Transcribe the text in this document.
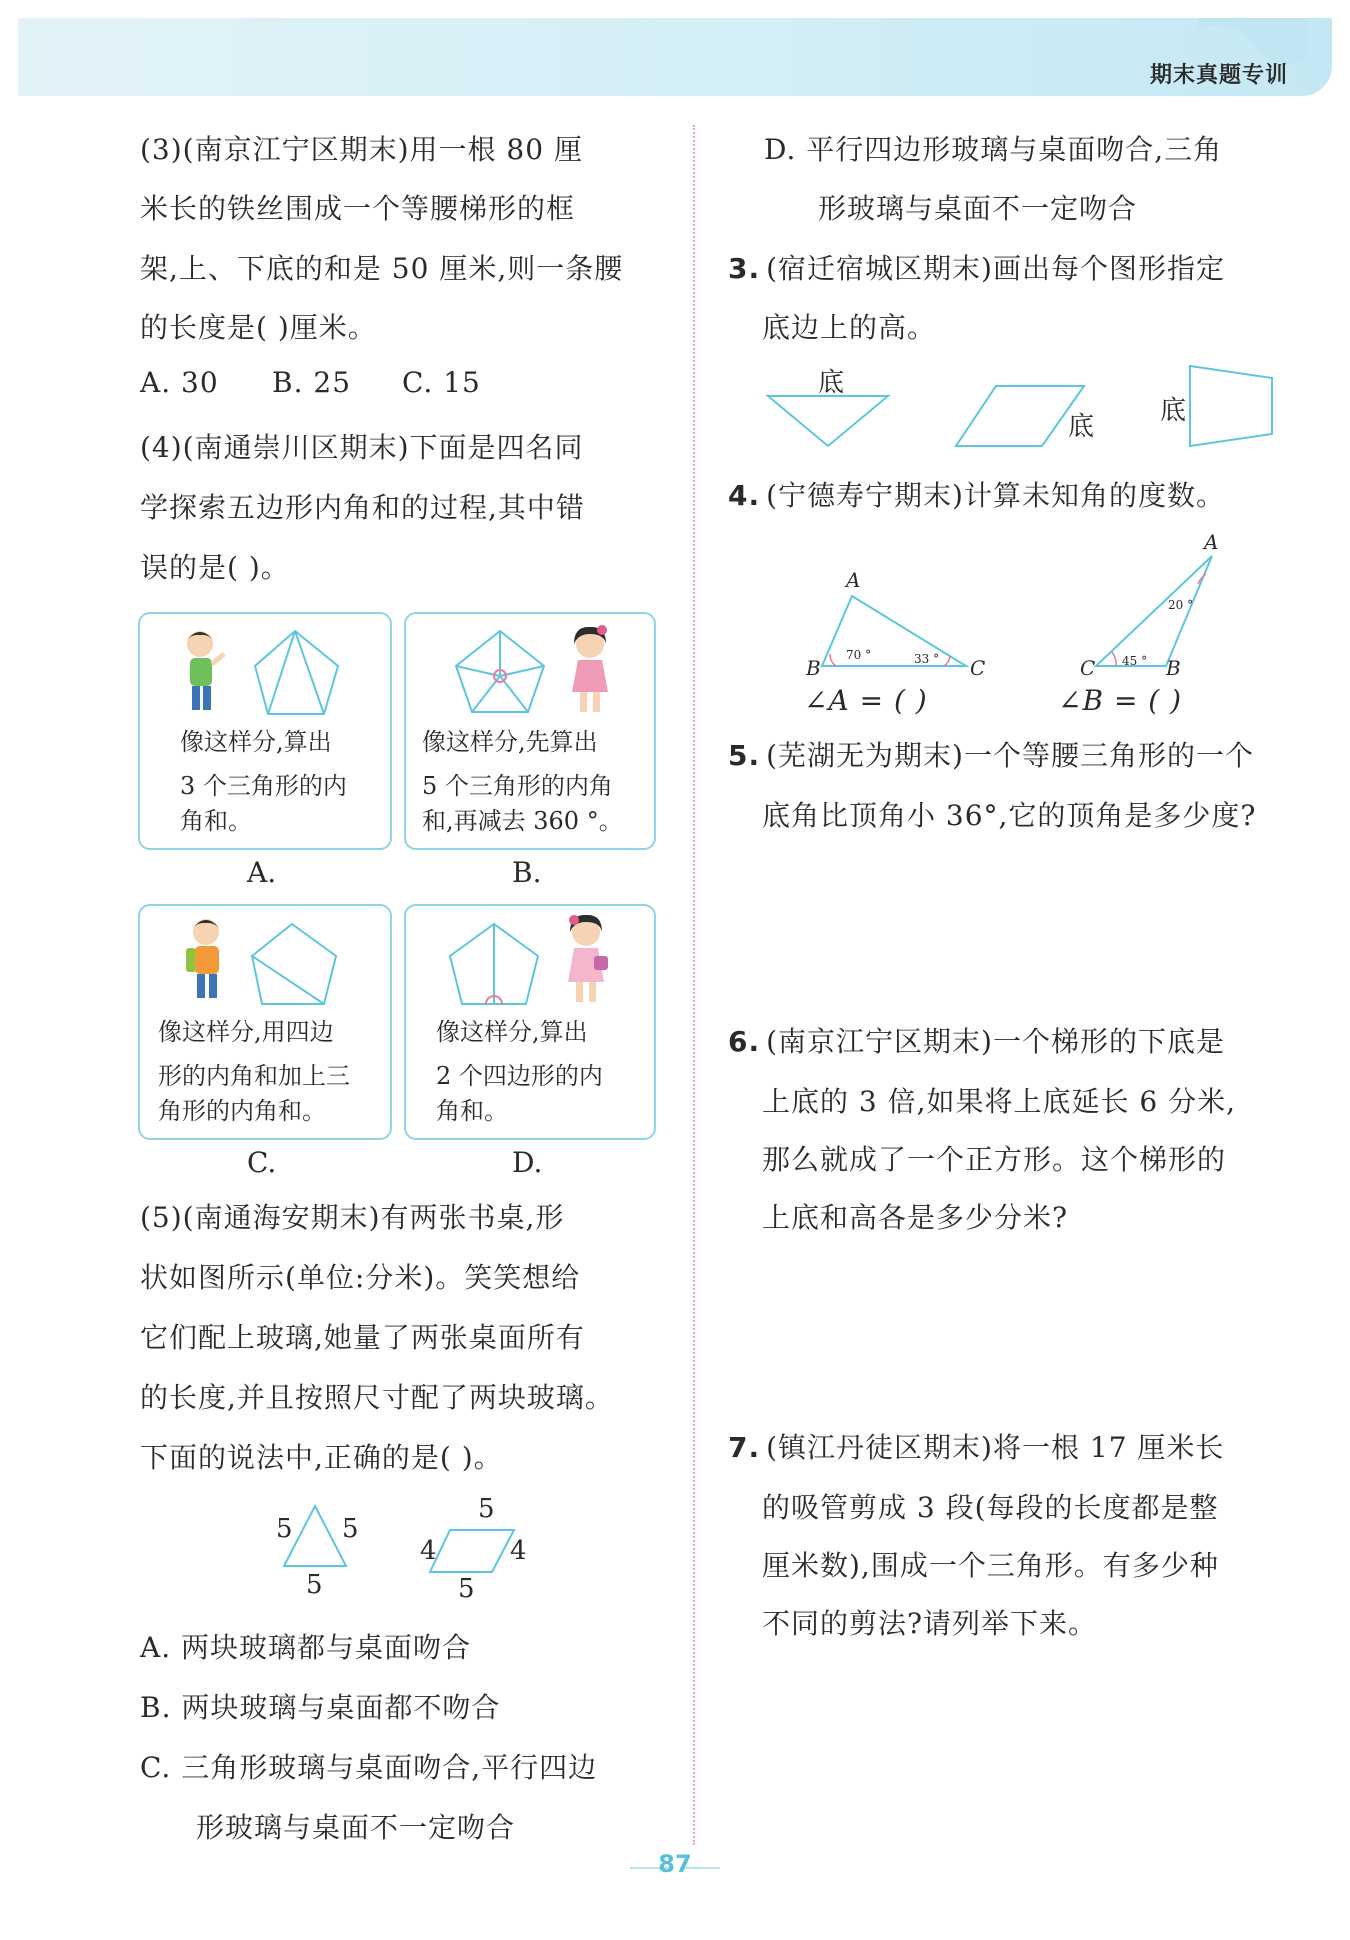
期末真题专训
(3)(南京江宁区期末)用一根 80 厘
米长的铁丝围成一个等腰梯形的框
架,上、下底的和是 50 厘米,则一条腰
的长度是( )厘米。
A. 30 B. 25 C. 15
(4)(南通崇川区期末)下面是四名同
学探索五边形内角和的过程,其中错
误的是( )。
像这样分,算出
3 个三角形的内
角和。
A.
像这样分,先算出
5 个三角形的内角
和,再减去 360 °。
B.
像这样分,用四边
形的内角和加上三
角形的内角和。
C.
像这样分,算出
2 个四边形的内
角和。
D.
(5)(南通海安期末)有两张书桌,形
状如图所示(单位:分米)。笑笑想给
它们配上玻璃,她量了两张桌面所有
的长度,并且按照尺寸配了两块玻璃。
下面的说法中,正确的是( )。
5 5
5
5
4	4
5
A. 两块玻璃都与桌面吻合
B. 两块玻璃与桌面都不吻合
C. 三角形玻璃与桌面吻合,平行四边
形玻璃与桌面不一定吻合
D. 平行四边形玻璃与桌面吻合,三角
形玻璃与桌面不一定吻合
3. (宿迁宿城区期末)画出每个图形指定
底边上的高。
底
底
底
4. (宁德寿宁期末)计算未知角的度数。
A
B	C
70 °	33 °
∠A = ( )
A
C	B
20 °
45 °
∠B = ( )
5. (芜湖无为期末)一个等腰三角形的一个
底角比顶角小 36°,它的顶角是多少度?
6. (南京江宁区期末)一个梯形的下底是
上底的 3 倍,如果将上底延长 6 分米,
那么就成了一个正方形。这个梯形的
上底和高各是多少分米?
7. (镇江丹徒区期末)将一根 17 厘米长
的吸管剪成 3 段(每段的长度都是整
厘米数),围成一个三角形。有多少种
不同的剪法?请列举下来。
87
